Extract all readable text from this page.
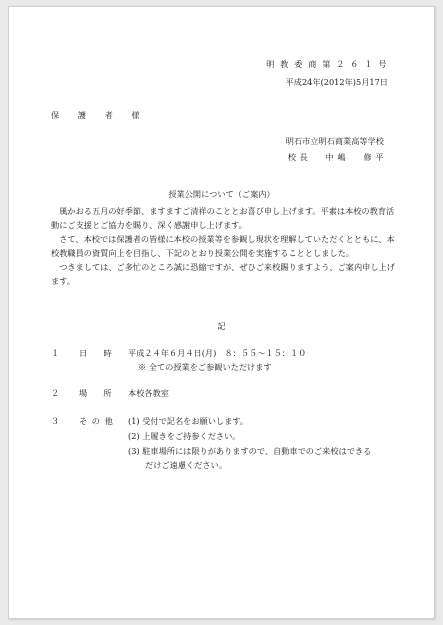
明 教 委 商 第 ２ ６ １ 号
平成24年(2012年)5月17日
保 護 者 様
明石市立明石商業高等学校
校 長　　中 嶋　　修 平
授業公開について（ご案内）

風かおる五月の好季節、ますますご清祥のこととお喜び申し上げます。平素は本校の教育活動にご支援とご協力を賜り、深く感謝申し上げます。

さて、本校では保護者の皆様に本校の授業等を参観し現状を理解していただくとともに、本校教職員の資質向上を目指し、下記のとおり授業公開を実施することとしました。

つきましては、ご多忙のところ誠に恐縮ですが、ぜひご来校賜りますよう、ご案内申し上げます。

記
１ 日　時 平成２４年６月４日(月)　８：５５～１５：１０
※ 全ての授業をご参観いただけます
２ 場　所 本校各教室
３ そ の 他 (1) 受付で記名をお願いします。
(2) 上履きをご持参ください。
(3) 駐車場所には限りがありますので、自動車でのご来校はできる
だけご遠慮ください。
